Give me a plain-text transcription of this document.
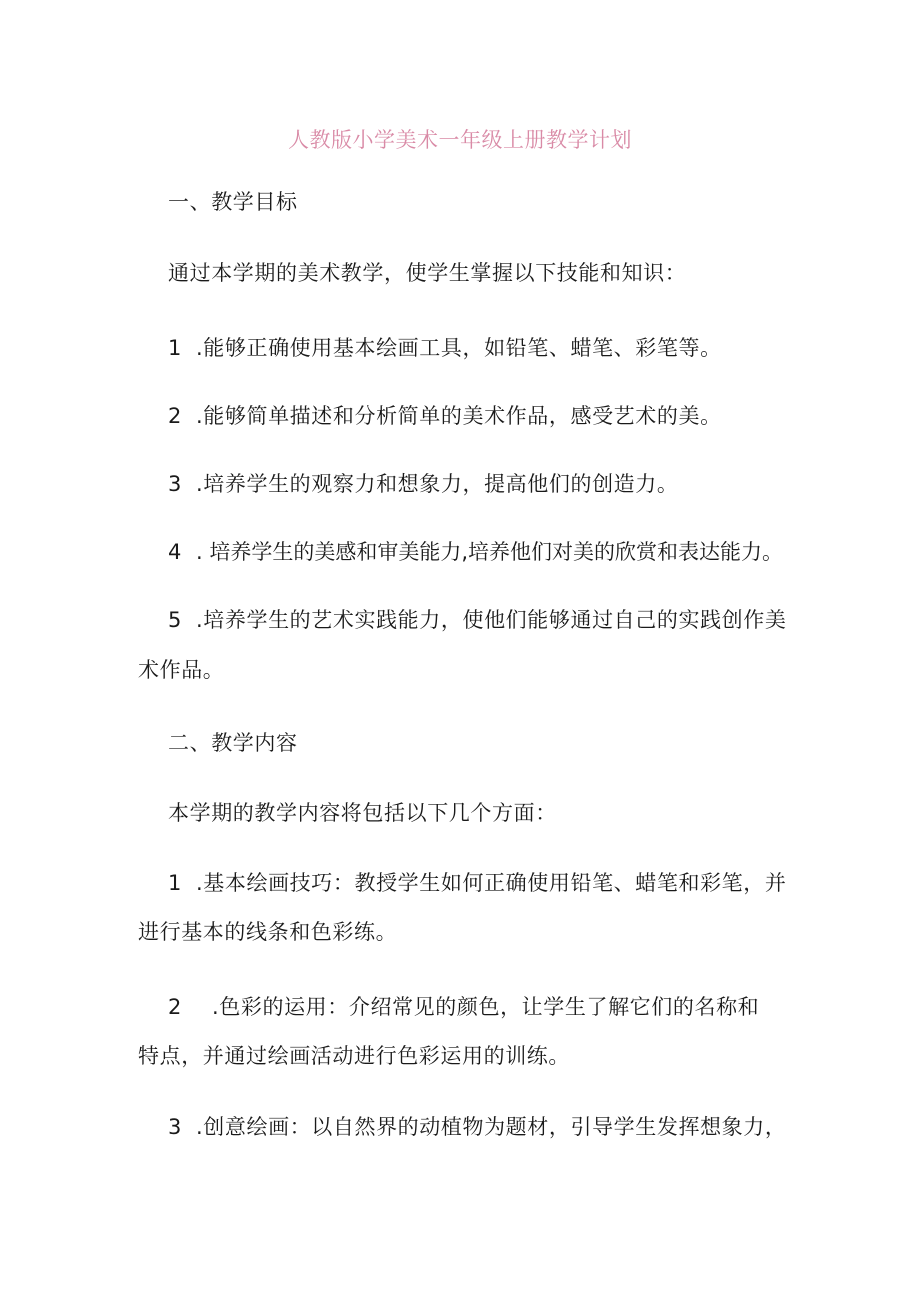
人教版小学美术一年级上册教学计划
一、教学目标
通过本学期的美术教学，使学生掌握以下技能和知识：
1 .能够正确使用基本绘画工具，如铅笔、蜡笔、彩笔等。
2 .能够简单描述和分析简单的美术作品，感受艺术的美。
3 .培养学生的观察力和想象力，提高他们的创造力。
4 . 培养学生的美感和审美能力,培养他们对美的欣赏和表达能力。
5 .培养学生的艺术实践能力，使他们能够通过自己的实践创作美
术作品。
二、教学内容
本学期的教学内容将包括以下几个方面：
1 .基本绘画技巧：教授学生如何正确使用铅笔、蜡笔和彩笔，并
进行基本的线条和色彩练。
2 .色彩的运用：介绍常见的颜色，让学生了解它们的名称和
特点，并通过绘画活动进行色彩运用的训练。
3 .创意绘画：以自然界的动植物为题材，引导学生发挥想象力，
